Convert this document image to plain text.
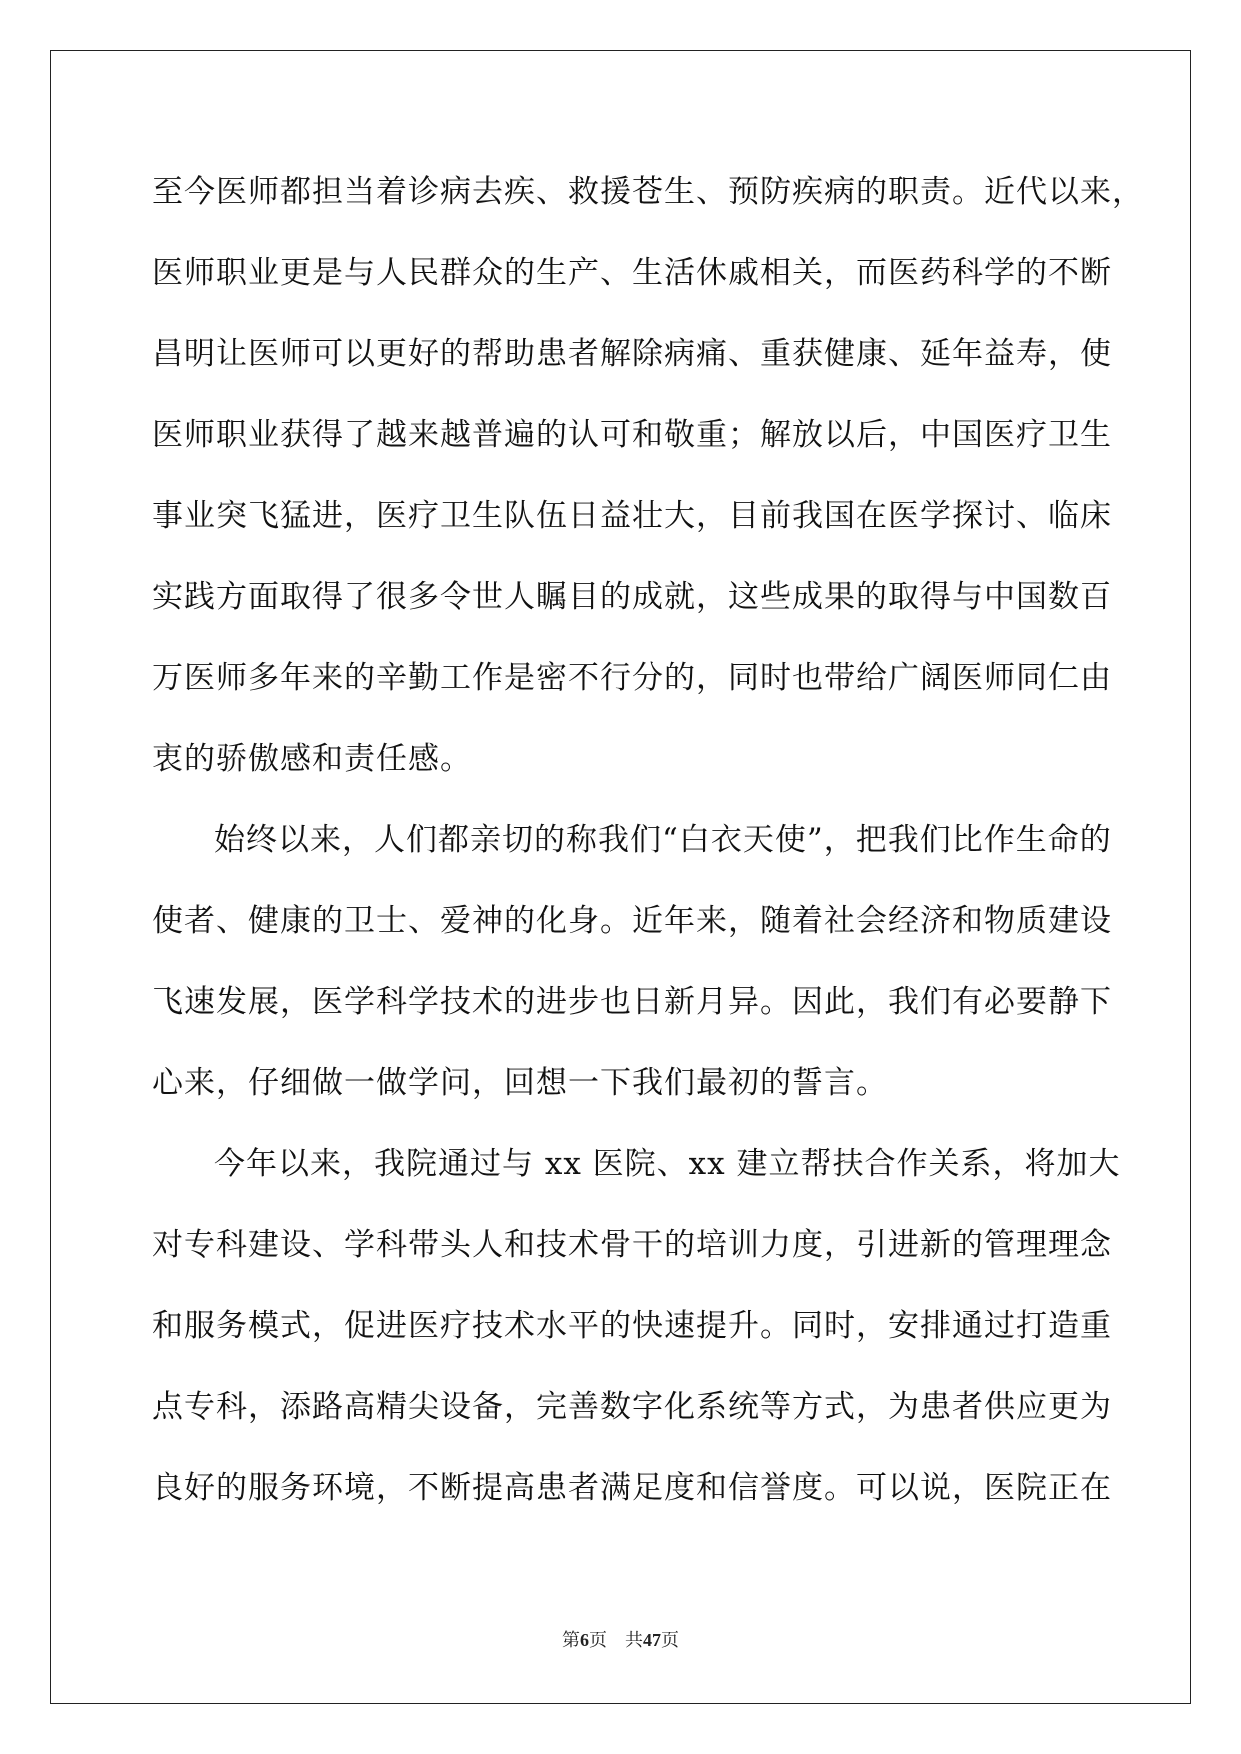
至今医师都担当着诊病去疾、救援苍生、预防疾病的职责。近代以来，
医师职业更是与人民群众的生产、生活休戚相关，而医药科学的不断
昌明让医师可以更好的帮助患者解除病痛、重获健康、延年益寿，使
医师职业获得了越来越普遍的认可和敬重；解放以后，中国医疗卫生
事业突飞猛进，医疗卫生队伍日益壮大，目前我国在医学探讨、临床
实践方面取得了很多令世人瞩目的成就，这些成果的取得与中国数百
万医师多年来的辛勤工作是密不行分的，同时也带给广阔医师同仁由
衷的骄傲感和责任感。
始终以来，人们都亲切的称我们“白衣天使”，把我们比作生命的
使者、健康的卫士、爱神的化身。近年来，随着社会经济和物质建设
飞速发展，医学科学技术的进步也日新月异。因此，我们有必要静下
心来，仔细做一做学问，回想一下我们最初的誓言。
今年以来，我院通过与 xx 医院、xx 建立帮扶合作关系，将加大
对专科建设、学科带头人和技术骨干的培训力度，引进新的管理理念
和服务模式，促进医疗技术水平的快速提升。同时，安排通过打造重
点专科，添路高精尖设备，完善数字化系统等方式，为患者供应更为
良好的服务环境，不断提高患者满足度和信誉度。可以说，医院正在
第6页 共47页
